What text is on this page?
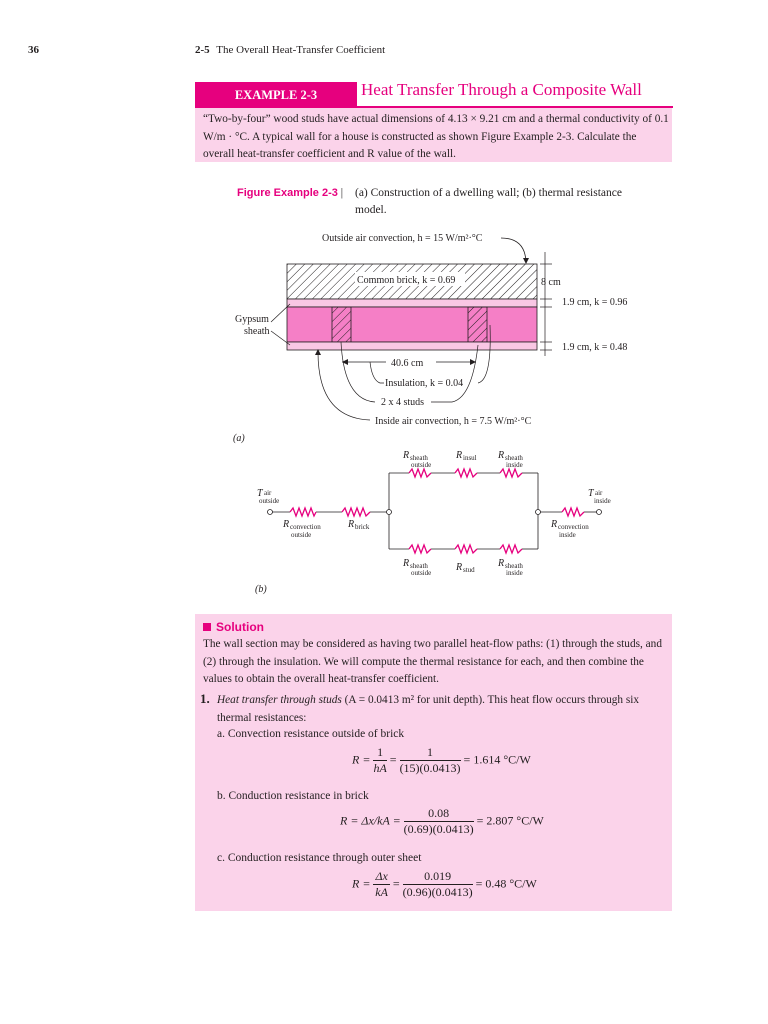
36	2-5 The Overall Heat-Transfer Coefficient
EXAMPLE 2-3	Heat Transfer Through a Composite Wall
“Two-by-four” wood studs have actual dimensions of 4.13 × 9.21 cm and a thermal conductivity of 0.1 W/m · °C. A typical wall for a house is constructed as shown Figure Example 2-3. Calculate the overall heat-transfer coefficient and R value of the wall.
Figure Example 2-3 | (a) Construction of a dwelling wall; (b) thermal resistance model.
Common brick, k = 0.69
Outside air convection, h = 15 W/m²·°C
8 cm
1.9 cm, k = 0.96
1.9 cm, k = 0.48
Gypsum
sheath
40.6 cm
Insulation, k = 0.04
2 x 4 studs
Inside air convection, h = 7.5 W/m²·°C
(a)
T	T
R	R	R
R	R	R
R	R	R
air
outside
air
inside
convection
outside
brick	convection
inside
sheath
outside
insul	sheath
inside
sheath
outside	stud	sheath
inside
(b)
Solution
The wall section may be considered as having two parallel heat-flow paths: (1) through the studs, and (2) through the insulation. We will compute the thermal resistance for each, and then combine the values to obtain the overall heat-transfer coefficient.
1. Heat transfer through studs (A = 0.0413 m² for unit depth). This heat flow occurs through six thermal resistances:
a. Convection resistance outside of brick
$R = \frac{1}{hA} = \frac{1}{(15)(0.0413)} = 1.614$ °C/W
b. Conduction resistance in brick
$R = \Delta x/kA = \frac{0.08}{(0.69)(0.0413)} = 2.807$ °C/W
c. Conduction resistance through outer sheet
$R = \frac{\Delta x}{kA} = \frac{0.019}{(0.96)(0.0413)} = 0.48$ °C/W
